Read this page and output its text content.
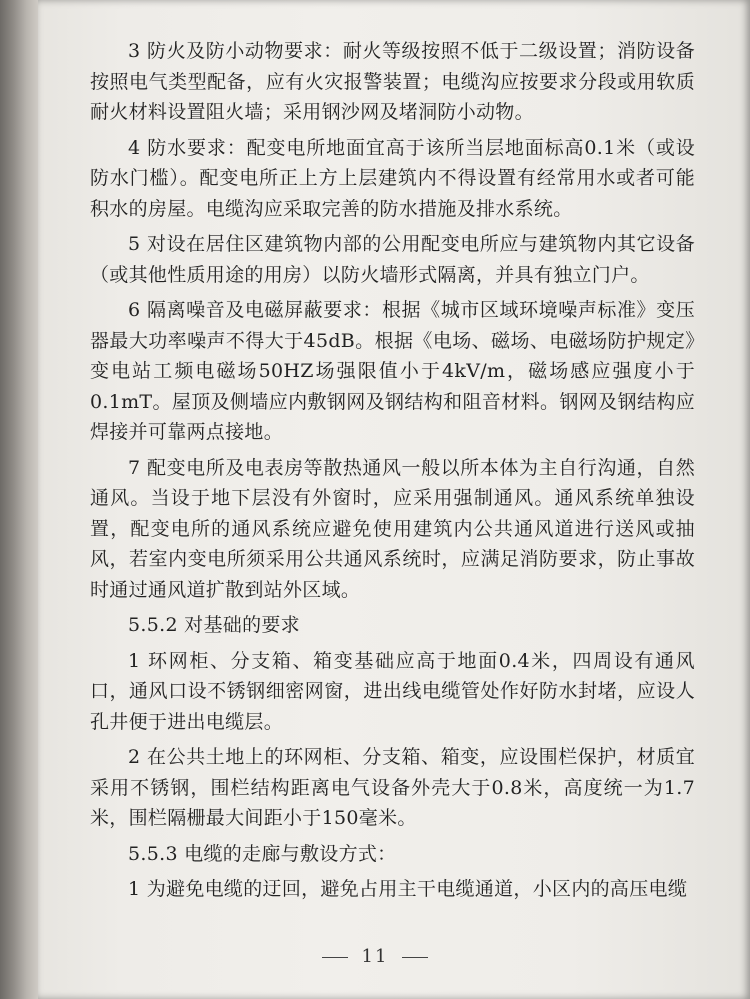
3 防火及防小动物要求：耐火等级按照不低于二级设置；消防设备按照电气类型配备，应有火灾报警装置；电缆沟应按要求分段或用软质耐火材料设置阻火墙；采用钢沙网及堵洞防小动物。

4 防水要求：配变电所地面宜高于该所当层地面标高0.1米（或设防水门槛）。配变电所正上方上层建筑内不得设置有经常用水或者可能积水的房屋。电缆沟应采取完善的防水措施及排水系统。

5 对设在居住区建筑物内部的公用配变电所应与建筑物内其它设备（或其他性质用途的用房）以防火墙形式隔离，并具有独立门户。

6 隔离噪音及电磁屏蔽要求：根据《城市区域环境噪声标准》变压器最大功率噪声不得大于45dB。根据《电场、磁场、电磁场防护规定》变电站工频电磁场50HZ场强限值小于4kV/m，磁场感应强度小于0.1mT。屋顶及侧墙应内敷钢网及钢结构和阻音材料。钢网及钢结构应焊接并可靠两点接地。

7 配变电所及电表房等散热通风一般以所本体为主自行沟通，自然通风。当设于地下层没有外窗时，应采用强制通风。通风系统单独设置，配变电所的通风系统应避免使用建筑内公共通风道进行送风或抽风，若室内变电所须采用公共通风系统时，应满足消防要求，防止事故时通过通风道扩散到站外区域。

5.5.2 对基础的要求

1 环网柜、分支箱、箱变基础应高于地面0.4米，四周设有通风口，通风口设不锈钢细密网窗，进出线电缆管处作好防水封堵，应设人孔井便于进出电缆层。

2 在公共土地上的环网柜、分支箱、箱变，应设围栏保护，材质宜采用不锈钢，围栏结构距离电气设备外壳大于0.8米，高度统一为1.7米，围栏隔栅最大间距小于150毫米。

5.5.3 电缆的走廊与敷设方式：

1 为避免电缆的迂回，避免占用主干电缆通道，小区内的高压电缆

11
